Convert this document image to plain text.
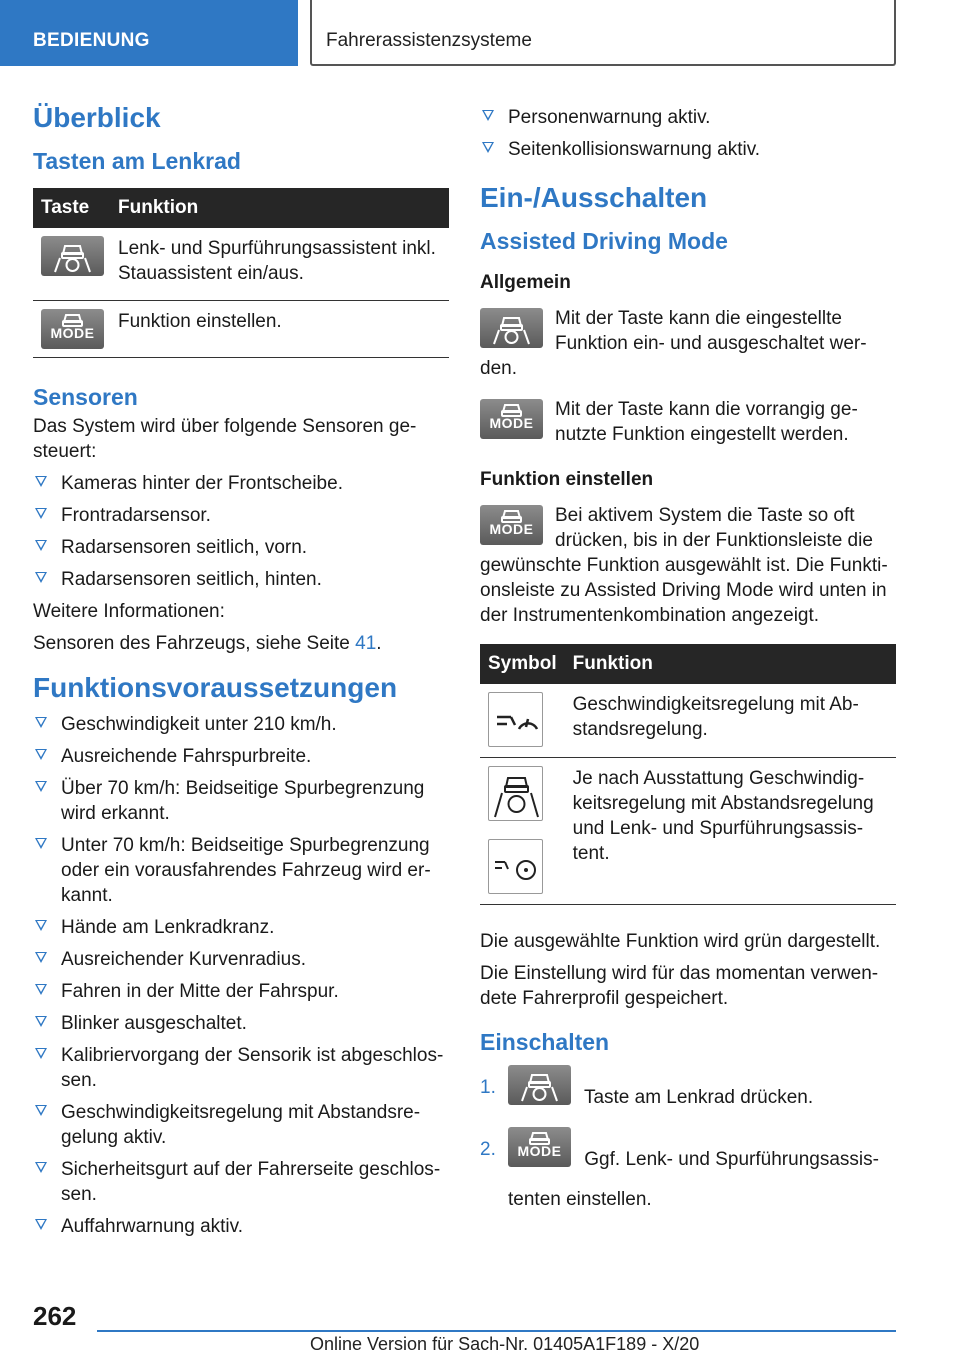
BEDIENUNG	Fahrerassistenzsysteme
Überblick
Tasten am Lenkrad
Taste	Funktion

	Lenk- und Spurführungsassistent inkl. Stauassistent ein/aus.

MODE	Funktion einstellen.
Sensoren
Das System wird über folgende Sensoren gesteuert:
Kameras hinter der Frontscheibe.
Frontradarsensor.
Radarsensoren seitlich, vorn.
Radarsensoren seitlich, hinten.
Weitere Informationen:
Sensoren des Fahrzeugs, siehe Seite 41.
Funktionsvoraussetzungen
Geschwindigkeit unter 210 km/h.
Ausreichende Fahrspurbreite.
Über 70 km/h: Beidseitige Spurbegrenzung wird erkannt.
Unter 70 km/h: Beidseitige Spurbegrenzung oder ein vorausfahrendes Fahrzeug wird erkannt.
Hände am Lenkradkranz.
Ausreichender Kurvenradius.
Fahren in der Mitte der Fahrspur.
Blinker ausgeschaltet.
Kalibriervorgang der Sensorik ist abgeschlossen.
Geschwindigkeitsregelung mit Abstandsregelung aktiv.
Sicherheitsgurt auf der Fahrerseite geschlossen.
Auffahrwarnung aktiv.
Personenwarnung aktiv.
Seitenkollisionswarnung aktiv.
Ein-/Ausschalten
Assisted Driving Mode
Allgemein
Mit der Taste kann die eingestellte Funktion ein- und ausgeschaltet werden.
MODE
Mit der Taste kann die vorrangig genutzte Funktion eingestellt werden.
Funktion einstellen
MODE
Bei aktivem System die Taste so oft drücken, bis in der Funktionsleiste die gewünschte Funktion ausgewählt ist. Die Funktionsleiste zu Assisted Driving Mode wird unten in der Instrumentenkombination angezeigt.
Symbol	Funktion

	Geschwindigkeitsregelung mit Abstandsregelung.

	Je nach Ausstattung Geschwindigkeitsregelung mit Abstandsregelung und Lenk- und Spurführungsassistent.
Die ausgewählte Funktion wird grün dargestellt.
Die Einstellung wird für das momentan verwendete Fahrerprofil gespeichert.
Einschalten
1.	Taste am Lenkrad drücken.
2.	MODE	Ggf. Lenk- und Spurführungsassistenten einstellen.
262
Online Version für Sach-Nr. 01405A1F189 - X/20
